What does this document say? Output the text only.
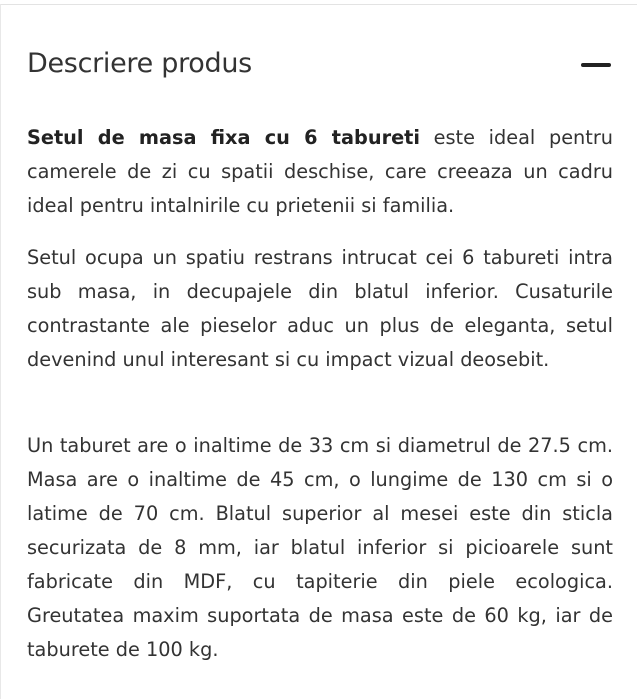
Descriere produs

Setul de masa fixa cu 6 tabureti este ideal pentru camerele de zi cu spatii deschise, care creeaza un cadru ideal pentru intalnirile cu prietenii si familia.

Setul ocupa un spatiu restrans intrucat cei 6 tabureti intra sub masa, in decupajele din blatul inferior. Cusaturile contrastante ale pieselor aduc un plus de eleganta, setul devenind unul interesant si cu impact vizual deosebit.

Un taburet are o inaltime de 33 cm si diametrul de 27.5 cm. Masa are o inaltime de 45 cm, o lungime de 130 cm si o latime de 70 cm. Blatul superior al mesei este din sticla securizata de 8 mm, iar blatul inferior si picioarele sunt fabricate din MDF, cu tapiterie din piele ecologica. Greutatea maxim suportata de masa este de 60 kg, iar de taburete de 100 kg.
